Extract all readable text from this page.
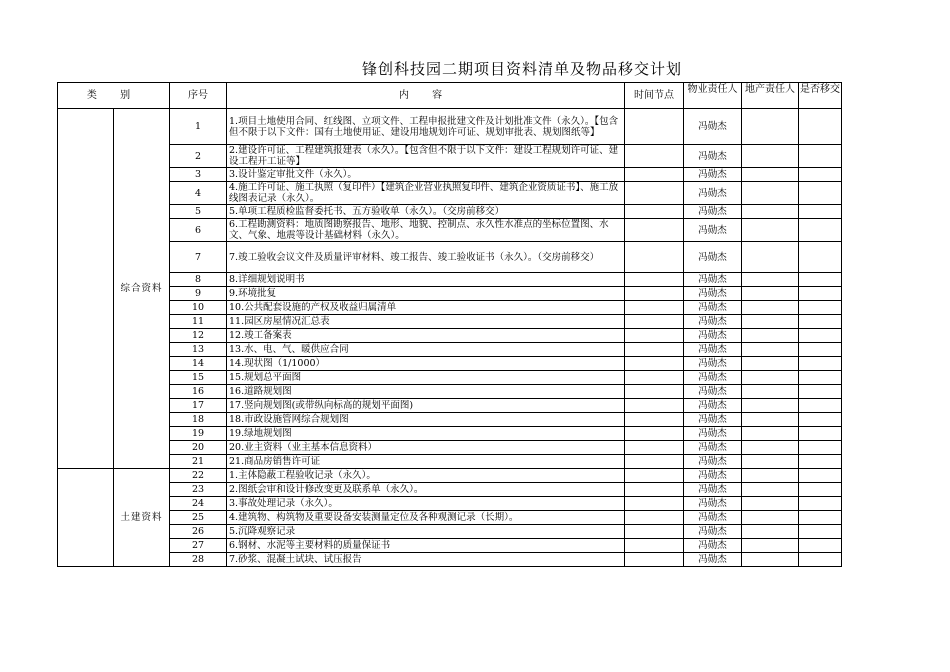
锋创科技园二期项目资料清单及物品移交计划
类 别		序号	内 容	时间节点	物业责任人	地产责任人	是否移交

	综合资料	1	1.项目土地使用合同、红线图、立项文件、工程申报批建文件及计划批准文件（永久）。【包含但不限于以下文件：国有土地使用证、建设用地规划许可证、规划审批表、规划图纸等】		冯勋杰		
		2	2.建设许可证、工程建筑报建表（永久）。【包含但不限于以下文件：建设工程规划许可证、建设工程开工证等】		冯勋杰		
		3	3.设计鉴定审批文件（永久）。		冯勋杰		
		4	4.施工许可证、施工执照（复印件）【建筑企业营业执照复印件、建筑企业资质证书】、施工放线图表记录（永久）。		冯勋杰		
		5	5.单项工程质检监督委托书、五方验收单（永久）。（交房前移交）		冯勋杰		
		6	6.工程勘测资料：地质图勘察报告、地形、地貌、控制点、永久性水准点的坐标位置图、水文、气象、地震等设计基础材料（永久）。		冯勋杰		
		7	7.竣工验收会议文件及质量评审材料、竣工报告、竣工验收证书（永久）。（交房前移交）		冯勋杰		
		8	8.详细规划说明书		冯勋杰		
		9	9.环境批复		冯勋杰		
		10	10.公共配套设施的产权及收益归属清单		冯勋杰		
		11	11.园区房屋情况汇总表		冯勋杰		
		12	12.竣工备案表		冯勋杰		
		13	13.水、电、气、暖供应合同		冯勋杰		
		14	14.现状图（1/1000）		冯勋杰		
		15	15.规划总平面图		冯勋杰		
		16	16.道路规划图		冯勋杰		
		17	17.竖向规划图(或带纵向标高的规划平面图)		冯勋杰		
		18	18.市政设施管网综合规划图		冯勋杰		
		19	19.绿地规划图		冯勋杰		
		20	20.业主资料（业主基本信息资料）		冯勋杰		
		21	21.商品房销售许可证		冯勋杰		
	土建资料	22	1.主体隐蔽工程验收记录（永久）。		冯勋杰		
		23	2.图纸会审和设计修改变更及联系单（永久）。		冯勋杰		
		24	3.事故处理记录（永久）。		冯勋杰		
		25	4.建筑物、构筑物及重要设备安装测量定位及各种观测记录（长期）。		冯勋杰		
		26	5.沉降观察记录		冯勋杰		
		27	6.钢材、水泥等主要材料的质量保证书		冯勋杰		
		28	7.砂浆、混凝土试块、试压报告		冯勋杰		
